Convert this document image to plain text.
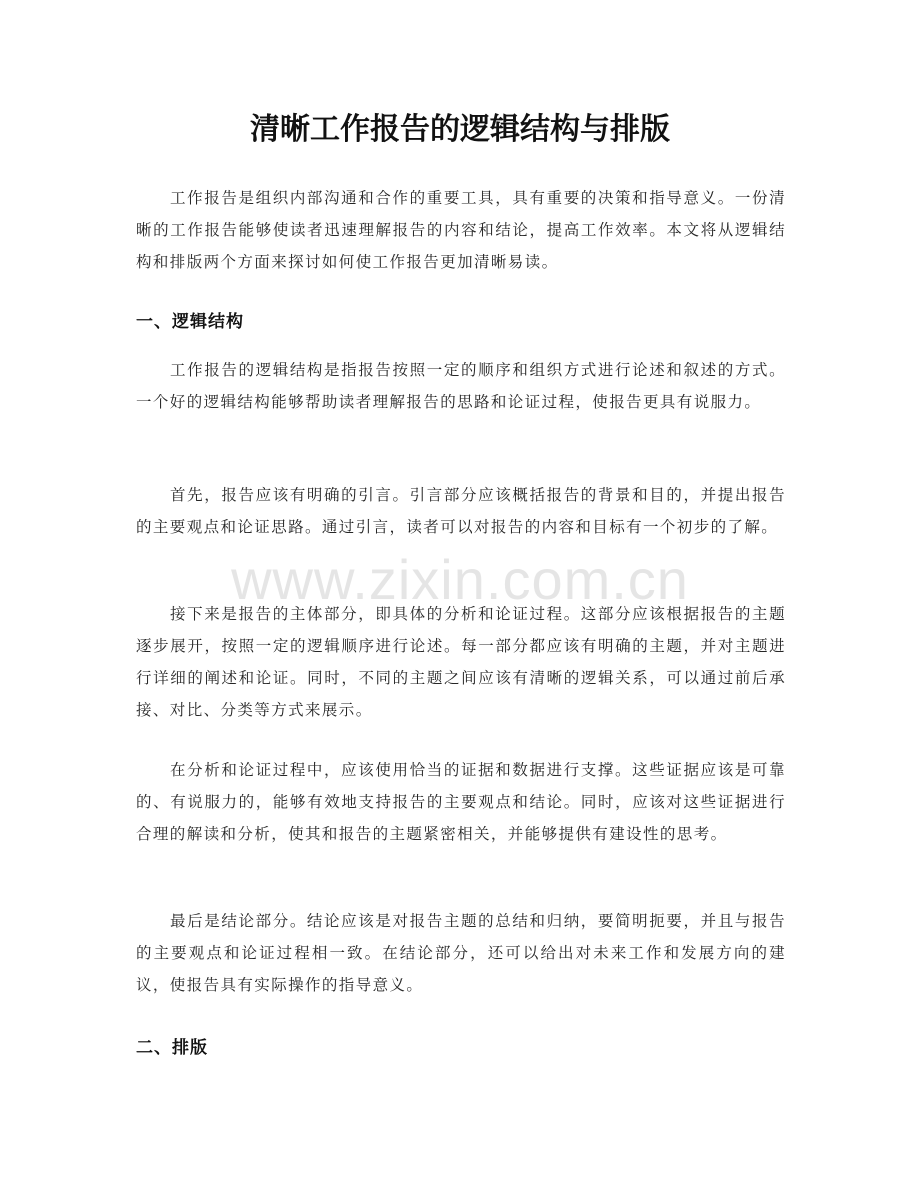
清晰工作报告的逻辑结构与排版

工作报告是组织内部沟通和合作的重要工具，具有重要的决策和指导意义。一份清晰的工作报告能够使读者迅速理解报告的内容和结论，提高工作效率。本文将从逻辑结构和排版两个方面来探讨如何使工作报告更加清晰易读。

一、逻辑结构

工作报告的逻辑结构是指报告按照一定的顺序和组织方式进行论述和叙述的方式。一个好的逻辑结构能够帮助读者理解报告的思路和论证过程，使报告更具有说服力。

首先，报告应该有明确的引言。引言部分应该概括报告的背景和目的，并提出报告的主要观点和论证思路。通过引言，读者可以对报告的内容和目标有一个初步的了解。

接下来是报告的主体部分，即具体的分析和论证过程。这部分应该根据报告的主题逐步展开，按照一定的逻辑顺序进行论述。每一部分都应该有明确的主题，并对主题进行详细的阐述和论证。同时，不同的主题之间应该有清晰的逻辑关系，可以通过前后承接、对比、分类等方式来展示。

在分析和论证过程中，应该使用恰当的证据和数据进行支撑。这些证据应该是可靠的、有说服力的，能够有效地支持报告的主要观点和结论。同时，应该对这些证据进行合理的解读和分析，使其和报告的主题紧密相关，并能够提供有建设性的思考。

最后是结论部分。结论应该是对报告主题的总结和归纳，要简明扼要，并且与报告的主要观点和论证过程相一致。在结论部分，还可以给出对未来工作和发展方向的建议，使报告具有实际操作的指导意义。

二、排版
www.zixin.com.cn
